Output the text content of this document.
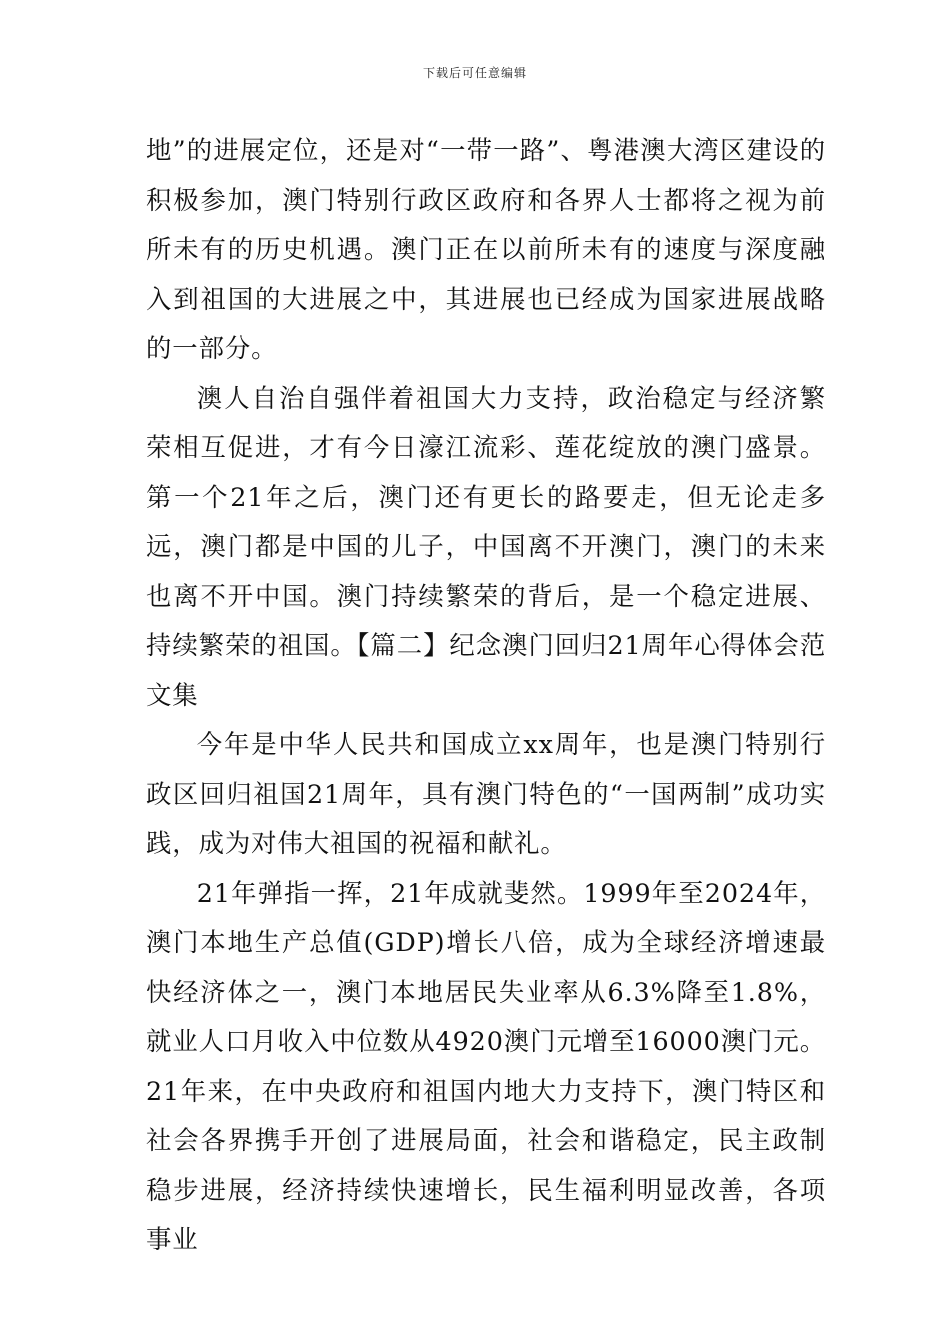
下载后可任意编辑

地”的进展定位，还是对“一带一路”、粤港澳大湾区建设的积极参加，澳门特别行政区政府和各界人士都将之视为前所未有的历史机遇。澳门正在以前所未有的速度与深度融入到祖国的大进展之中，其进展也已经成为国家进展战略的一部分。

澳人自治自强伴着祖国大力支持，政治稳定与经济繁荣相互促进，才有今日濠江流彩、莲花绽放的澳门盛景。第一个21年之后，澳门还有更长的路要走，但无论走多远，澳门都是中国的儿子，中国离不开澳门，澳门的未来也离不开中国。澳门持续繁荣的背后，是一个稳定进展、持续繁荣的祖国。【篇二】纪念澳门回归21周年心得体会范文集

今年是中华人民共和国成立xx周年，也是澳门特别行政区回归祖国21周年，具有澳门特色的“一国两制”成功实践，成为对伟大祖国的祝福和献礼。

21年弹指一挥，21年成就斐然。1999年至2024年，澳门本地生产总值(GDP)增长八倍，成为全球经济增速最快经济体之一，澳门本地居民失业率从6.3%降至1.8%，就业人口月收入中位数从4920澳门元增至16000澳门元。21年来，在中央政府和祖国内地大力支持下，澳门特区和社会各界携手开创了进展局面，社会和谐稳定，民主政制稳步进展，经济持续快速增长，民生福利明显改善，各项事业
